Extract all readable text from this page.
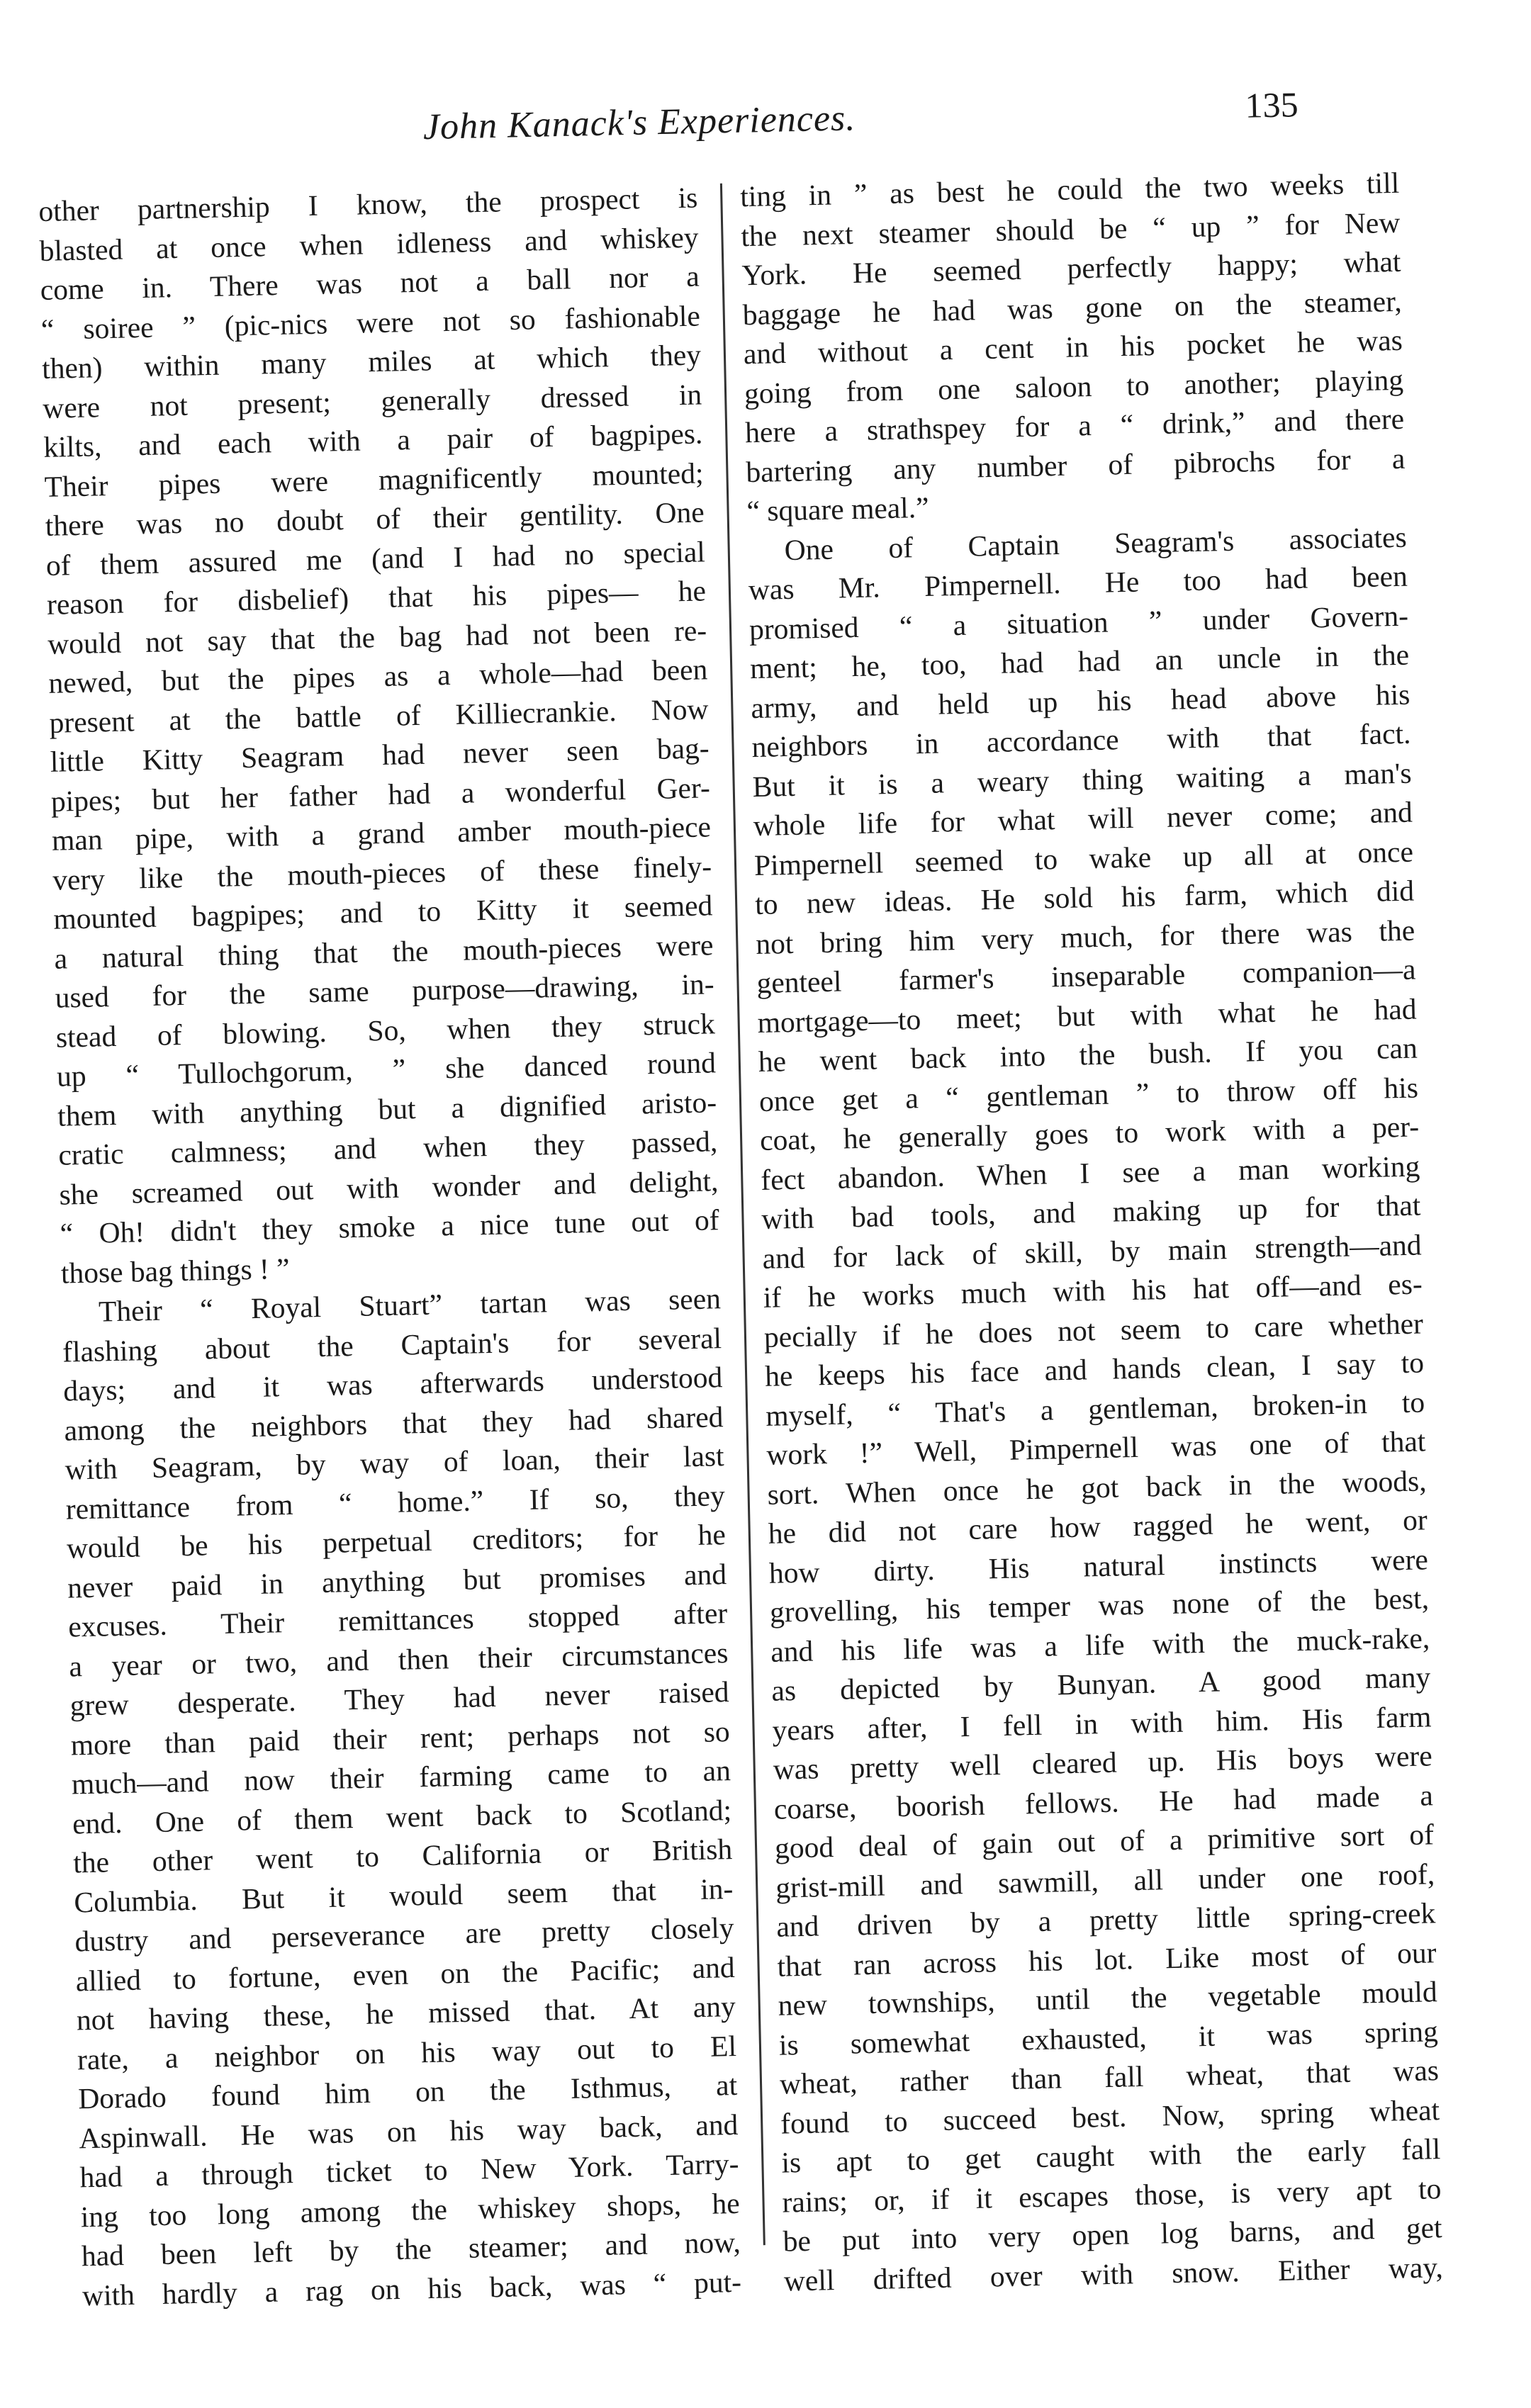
John Kanack's Experiences.	135
other partnership I know, the prospect is
blasted at once when idleness and whiskey
come in. There was not a ball nor a
“ soiree ” (pic-nics were not so fashionable
then) within many miles at which they
were not present; generally dressed in
kilts, and each with a pair of bagpipes.
Their pipes were magnificently mounted;
there was no doubt of their gentility. One
of them assured me (and I had no special
reason for disbelief) that his pipes— he
would not say that the bag had not been re-
newed, but the pipes as a whole—had been
present at the battle of Killiecrankie. Now
little Kitty Seagram had never seen bag-
pipes; but her father had a wonderful Ger-
man pipe, with a grand amber mouth-piece
very like the mouth-pieces of these finely-
mounted bagpipes; and to Kitty it seemed
a natural thing that the mouth-pieces were
used for the same purpose—drawing, in-
stead of blowing. So, when they struck
up “ Tullochgorum, ” she danced round
them with anything but a dignified aristo-
cratic calmness; and when they passed,
she screamed out with wonder and delight,
“ Oh! didn't they smoke a nice tune out of
those bag things ! ”
Their “ Royal Stuart” tartan was seen
flashing about the Captain's for several
days; and it was afterwards understood
among the neighbors that they had shared
with Seagram, by way of loan, their last
remittance from “ home.” If so, they
would be his perpetual creditors; for he
never paid in anything but promises and
excuses. Their remittances stopped after
a year or two, and then their circumstances
grew desperate. They had never raised
more than paid their rent; perhaps not so
much—and now their farming came to an
end. One of them went back to Scotland;
the other went to California or British
Columbia. But it would seem that in-
dustry and perseverance are pretty closely
allied to fortune, even on the Pacific; and
not having these, he missed that. At any
rate, a neighbor on his way out to El
Dorado found him on the Isthmus, at
Aspinwall. He was on his way back, and
had a through ticket to New York. Tarry-
ing too long among the whiskey shops, he
had been left by the steamer; and now,
with hardly a rag on his back, was “ put-
ting in ” as best he could the two weeks till
the next steamer should be “ up ” for New
York. He seemed perfectly happy; what
baggage he had was gone on the steamer,
and without a cent in his pocket he was
going from one saloon to another; playing
here a strathspey for a “ drink,” and there
bartering any number of pibrochs for a
“ square meal.”
One of Captain Seagram's associates
was Mr. Pimpernell. He too had been
promised “ a situation ” under Govern-
ment; he, too, had had an uncle in the
army, and held up his head above his
neighbors in accordance with that fact.
But it is a weary thing waiting a man's
whole life for what will never come; and
Pimpernell seemed to wake up all at once
to new ideas. He sold his farm, which did
not bring him very much, for there was the
genteel farmer's inseparable companion—a
mortgage—to meet; but with what he had
he went back into the bush. If you can
once get a “ gentleman ” to throw off his
coat, he generally goes to work with a per-
fect abandon. When I see a man working
with bad tools, and making up for that
and for lack of skill, by main strength—and
if he works much with his hat off—and es-
pecially if he does not seem to care whether
he keeps his face and hands clean, I say to
myself, “ That's a gentleman, broken-in to
work !” Well, Pimpernell was one of that
sort. When once he got back in the woods,
he did not care how ragged he went, or
how dirty. His natural instincts were
grovelling, his temper was none of the best,
and his life was a life with the muck-rake,
as depicted by Bunyan. A good many
years after, I fell in with him. His farm
was pretty well cleared up. His boys were
coarse, boorish fellows. He had made a
good deal of gain out of a primitive sort of
grist-mill and sawmill, all under one roof,
and driven by a pretty little spring-creek
that ran across his lot. Like most of our
new townships, until the vegetable mould
is somewhat exhausted, it was spring
wheat, rather than fall wheat, that was
found to succeed best. Now, spring wheat
is apt to get caught with the early fall
rains; or, if it escapes those, is very apt to
be put into very open log barns, and get
well drifted over with snow. Either way,
